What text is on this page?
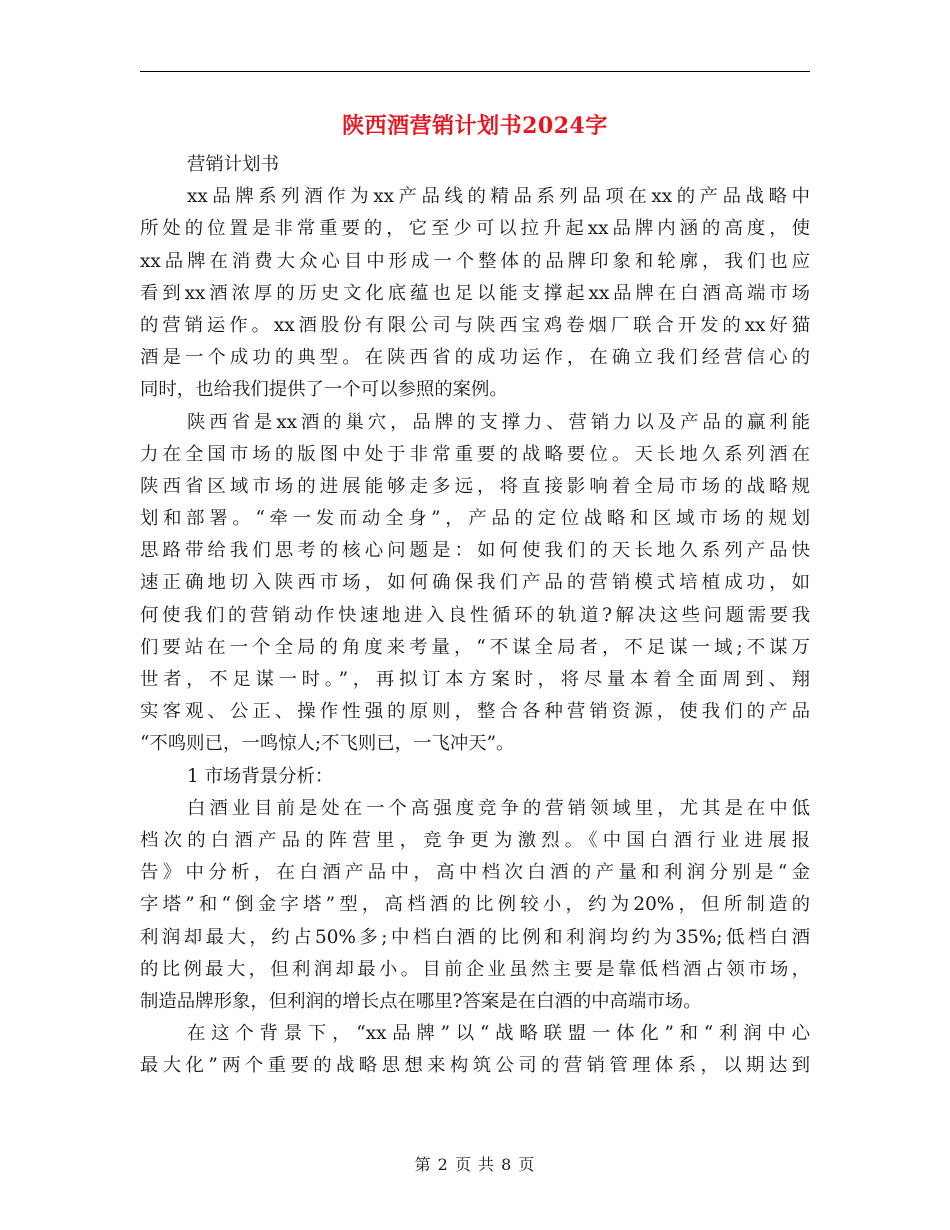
陕西酒营销计划书2024字
营销计划书
xx品牌系列酒作为xx产品线的精品系列品项在xx的产品战略中
所处的位置是非常重要的，它至少可以拉升起xx品牌内涵的高度，使
xx品牌在消费大众心目中形成一个整体的品牌印象和轮廓，我们也应
看到xx酒浓厚的历史文化底蕴也足以能支撑起xx品牌在白酒高端市场
的营销运作。xx酒股份有限公司与陕西宝鸡卷烟厂联合开发的xx好猫
酒是一个成功的典型。在陕西省的成功运作，在确立我们经营信心的
同时，也给我们提供了一个可以参照的案例。
陕西省是xx酒的巢穴，品牌的支撑力、营销力以及产品的赢利能
力在全国市场的版图中处于非常重要的战略要位。天长地久系列酒在
陕西省区域市场的进展能够走多远，将直接影响着全局市场的战略规
划和部署。“牵一发而动全身”，产品的定位战略和区域市场的规划
思路带给我们思考的核心问题是：如何使我们的天长地久系列产品快
速正确地切入陕西市场，如何确保我们产品的营销模式培植成功，如
何使我们的营销动作快速地进入良性循环的轨道?解决这些问题需要我
们要站在一个全局的角度来考量，“不谋全局者，不足谋一域;不谋万
世者，不足谋一时。”，再拟订本方案时，将尽量本着全面周到、翔
实客观、公正、操作性强的原则，整合各种营销资源，使我们的产品
“不鸣则已，一鸣惊人;不飞则已，一飞冲天”。
1 市场背景分析：
白酒业目前是处在一个高强度竞争的营销领域里，尤其是在中低
档次的白酒产品的阵营里，竞争更为激烈。《中国白酒行业进展报
告》中分析，在白酒产品中，高中档次白酒的产量和利润分别是“金
字塔”和“倒金字塔”型，高档酒的比例较小，约为20%，但所制造的
利润却最大，约占50%多;中档白酒的比例和利润均约为35%;低档白酒
的比例最大，但利润却最小。目前企业虽然主要是靠低档酒占领市场，
制造品牌形象，但利润的增长点在哪里?答案是在白酒的中高端市场。
在这个背景下，“xx品牌”以“战略联盟一体化”和“利润中心
最大化”两个重要的战略思想来构筑公司的营销管理体系，以期达到
第 2 页 共 8 页
